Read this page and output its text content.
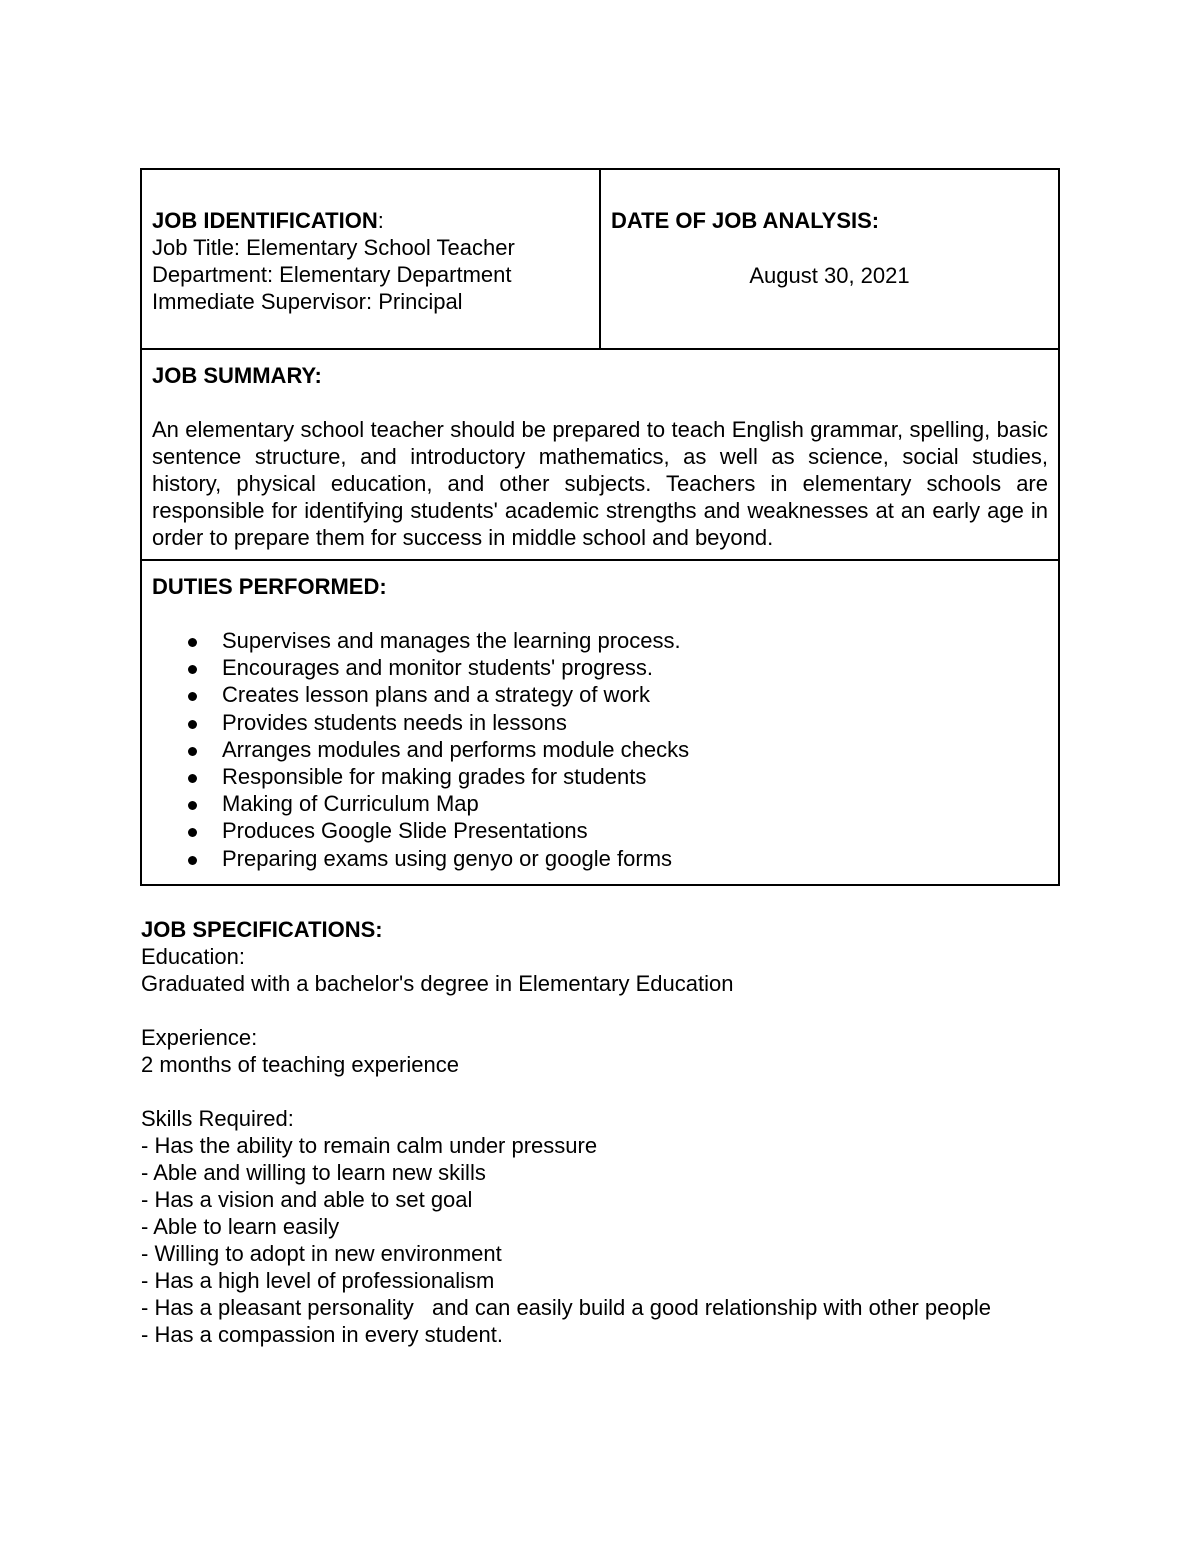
JOB IDENTIFICATION:
Job Title: Elementary School Teacher
Department: Elementary Department
Immediate Supervisor: Principal

DATE OF JOB ANALYSIS:
August 30, 2021

JOB SUMMARY:
An elementary school teacher should be prepared to teach English grammar, spelling, basic sentence structure, and introductory mathematics, as well as science, social studies, history, physical education, and other subjects. Teachers in elementary schools are responsible for identifying students' academic strengths and weaknesses at an early age in order to prepare them for success in middle school and beyond.

DUTIES PERFORMED:
Supervises and manages the learning process.
Encourages and monitor students' progress.
Creates lesson plans and a strategy of work
Provides students needs in lessons
Arranges modules and performs module checks
Responsible for making grades for students
Making of Curriculum Map
Produces Google Slide Presentations
Preparing exams using genyo or google forms

JOB SPECIFICATIONS:

Education:

Graduated with a bachelor's degree in Elementary Education

Experience:

2 months of teaching experience

Skills Required:

- Has the ability to remain calm under pressure

- Able and willing to learn new skills

- Has a vision and able to set goal

- Able to learn easily

- Willing to adopt in new environment

- Has a high level of professionalism

- Has a pleasant personality   and can easily build a good relationship with other people

- Has a compassion in every student.
